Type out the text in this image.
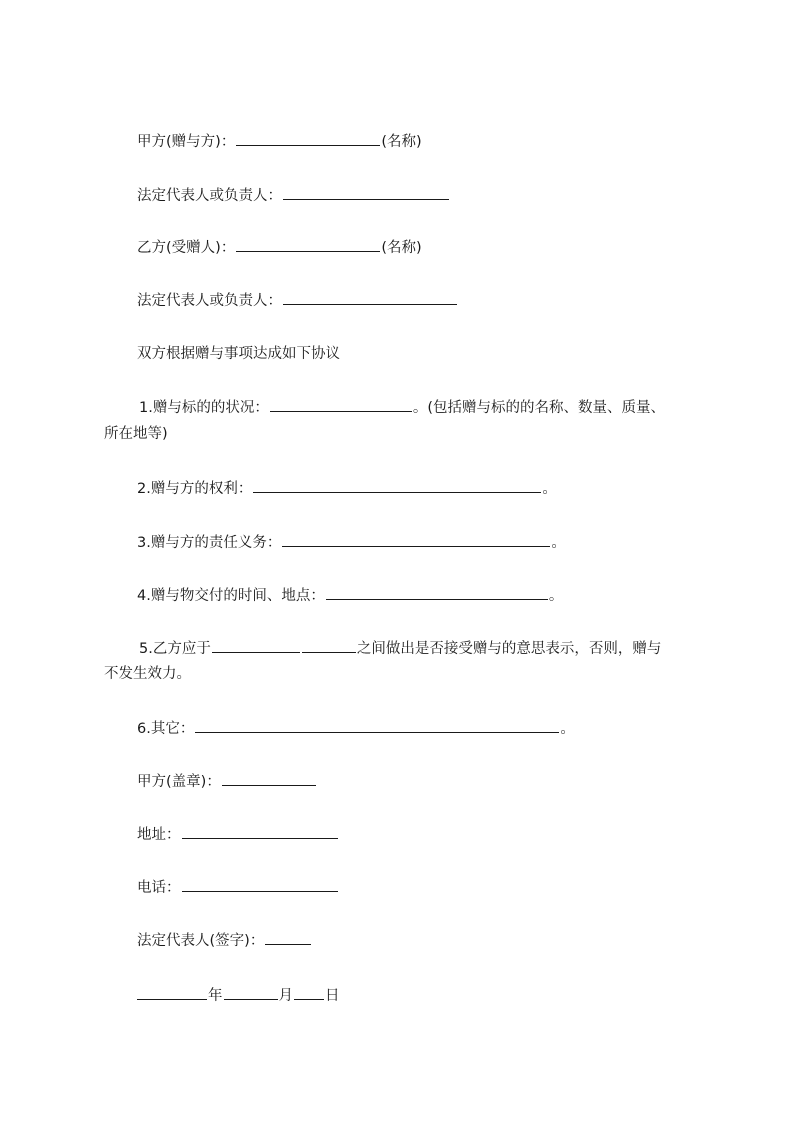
甲方(赠与方)：	(名称)
法定代表人或负责人：
乙方(受赠人)：	(名称)
法定代表人或负责人：
双方根据赠与事项达成如下协议
1.赠与标的的状况：	。(包括赠与标的的名称、数量、质量、
所在地等)
2.赠与方的权利：	。
3.赠与方的责任义务：	。
4.赠与物交付的时间、地点：	。
5.乙方应于	之间做出是否接受赠与的意思表示，否则，赠与
不发生效力。
6.其它：	。
甲方(盖章)：
地址：
电话：
法定代表人(签字)：
年	月 日
